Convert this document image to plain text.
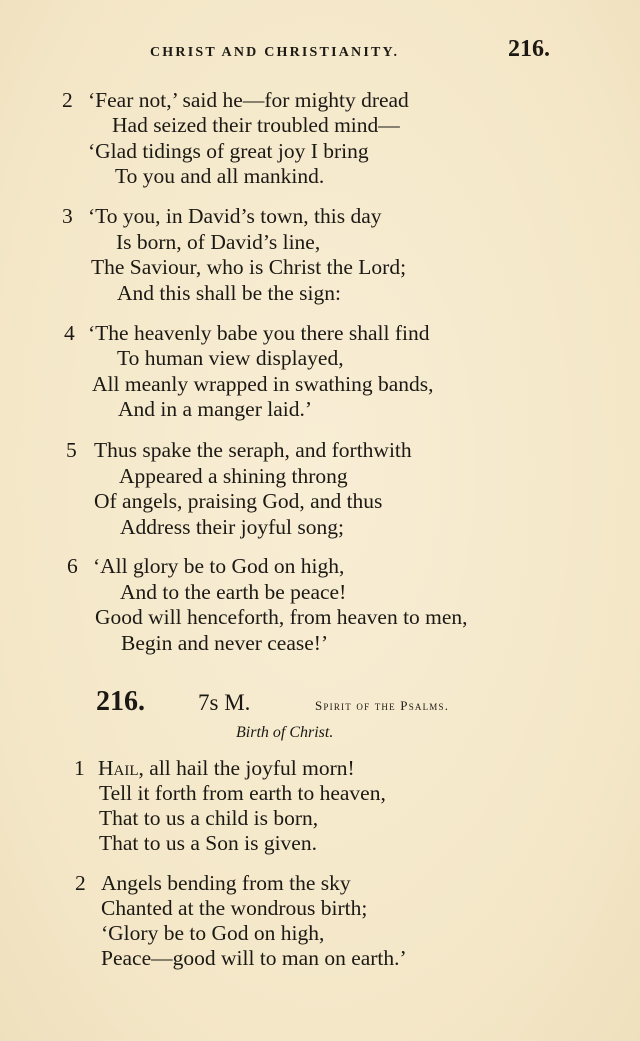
CHRIST AND CHRISTIANITY.	216.
2 ‘Fear not,’ said he—for mighty dread
Had seized their troubled mind—
‘Glad tidings of great joy I bring
To you and all mankind.
3 ‘To you, in David’s town, this day
Is born, of David’s line,
The Saviour, who is Christ the Lord;
And this shall be the sign:
4 ‘The heavenly babe you there shall find
To human view displayed,
All meanly wrapped in swathing bands,
And in a manger laid.’
5 Thus spake the seraph, and forthwith
Appeared a shining throng
Of angels, praising God, and thus
Address their joyful song;
6 ‘All glory be to God on high,
And to the earth be peace!
Good will henceforth, from heaven to men,
Begin and never cease!’
216. 7s M.	Spirit of the Psalms.
Birth of Christ.
1 Hail, all hail the joyful morn!
Tell it forth from earth to heaven,
That to us a child is born,
That to us a Son is given.
2 Angels bending from the sky
Chanted at the wondrous birth;
‘Glory be to God on high,
Peace—good will to man on earth.’
